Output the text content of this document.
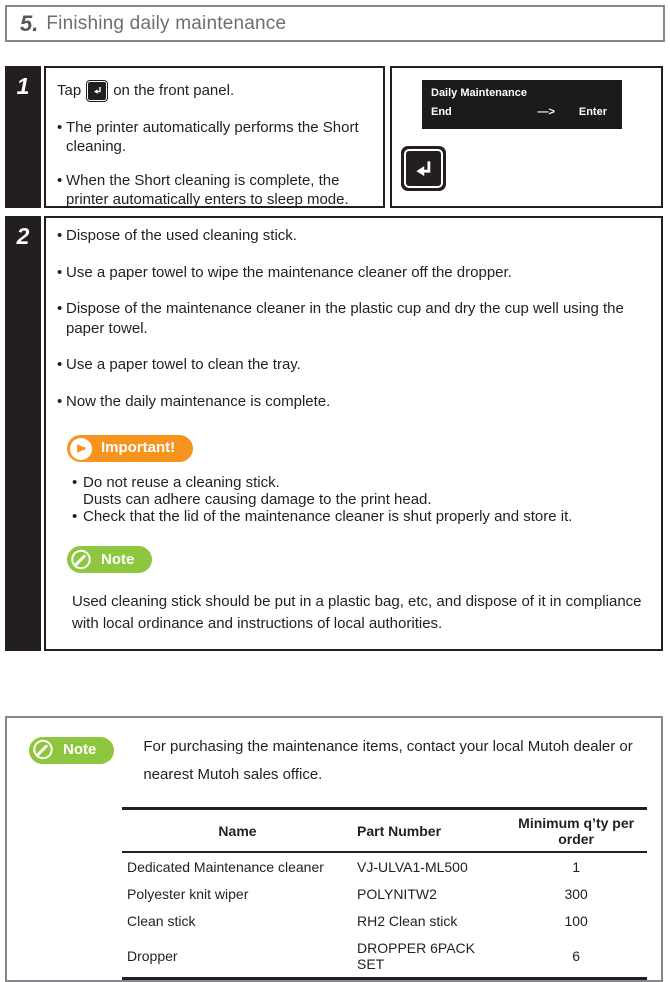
5. Finishing daily maintenance
1	Tap on the front panel.
• The printer automatically performs the Short cleaning.
• When the Short cleaning is complete, the printer automatically enters to sleep mode.
Daily Maintenance
End	—> Enter
2	• Dispose of the used cleaning stick.
• Use a paper towel to wipe the maintenance cleaner off the dropper.
• Dispose of the maintenance cleaner in the plastic cup and dry the cup well using the paper towel.
• Use a paper towel to clean the tray.
• Now the daily maintenance is complete.
Important!
• Do not reuse a cleaning stick.
Dusts can adhere causing damage to the print head.
• Check that the lid of the maintenance cleaner is shut properly and store it.
Note
Used cleaning stick should be put in a plastic bag, etc, and dispose of it in compliance with local ordinance and instructions of local authorities.
Note	For purchasing the maintenance items, contact your local Mutoh dealer or
nearest Mutoh sales office.
Name	Part Number	Minimum q’ty per order
Dedicated Maintenance cleaner	VJ-ULVA1-ML500	1
Polyester knit wiper	POLYNITW2	300
Clean stick	RH2 Clean stick	100
Dropper	DROPPER 6PACK SET	6
